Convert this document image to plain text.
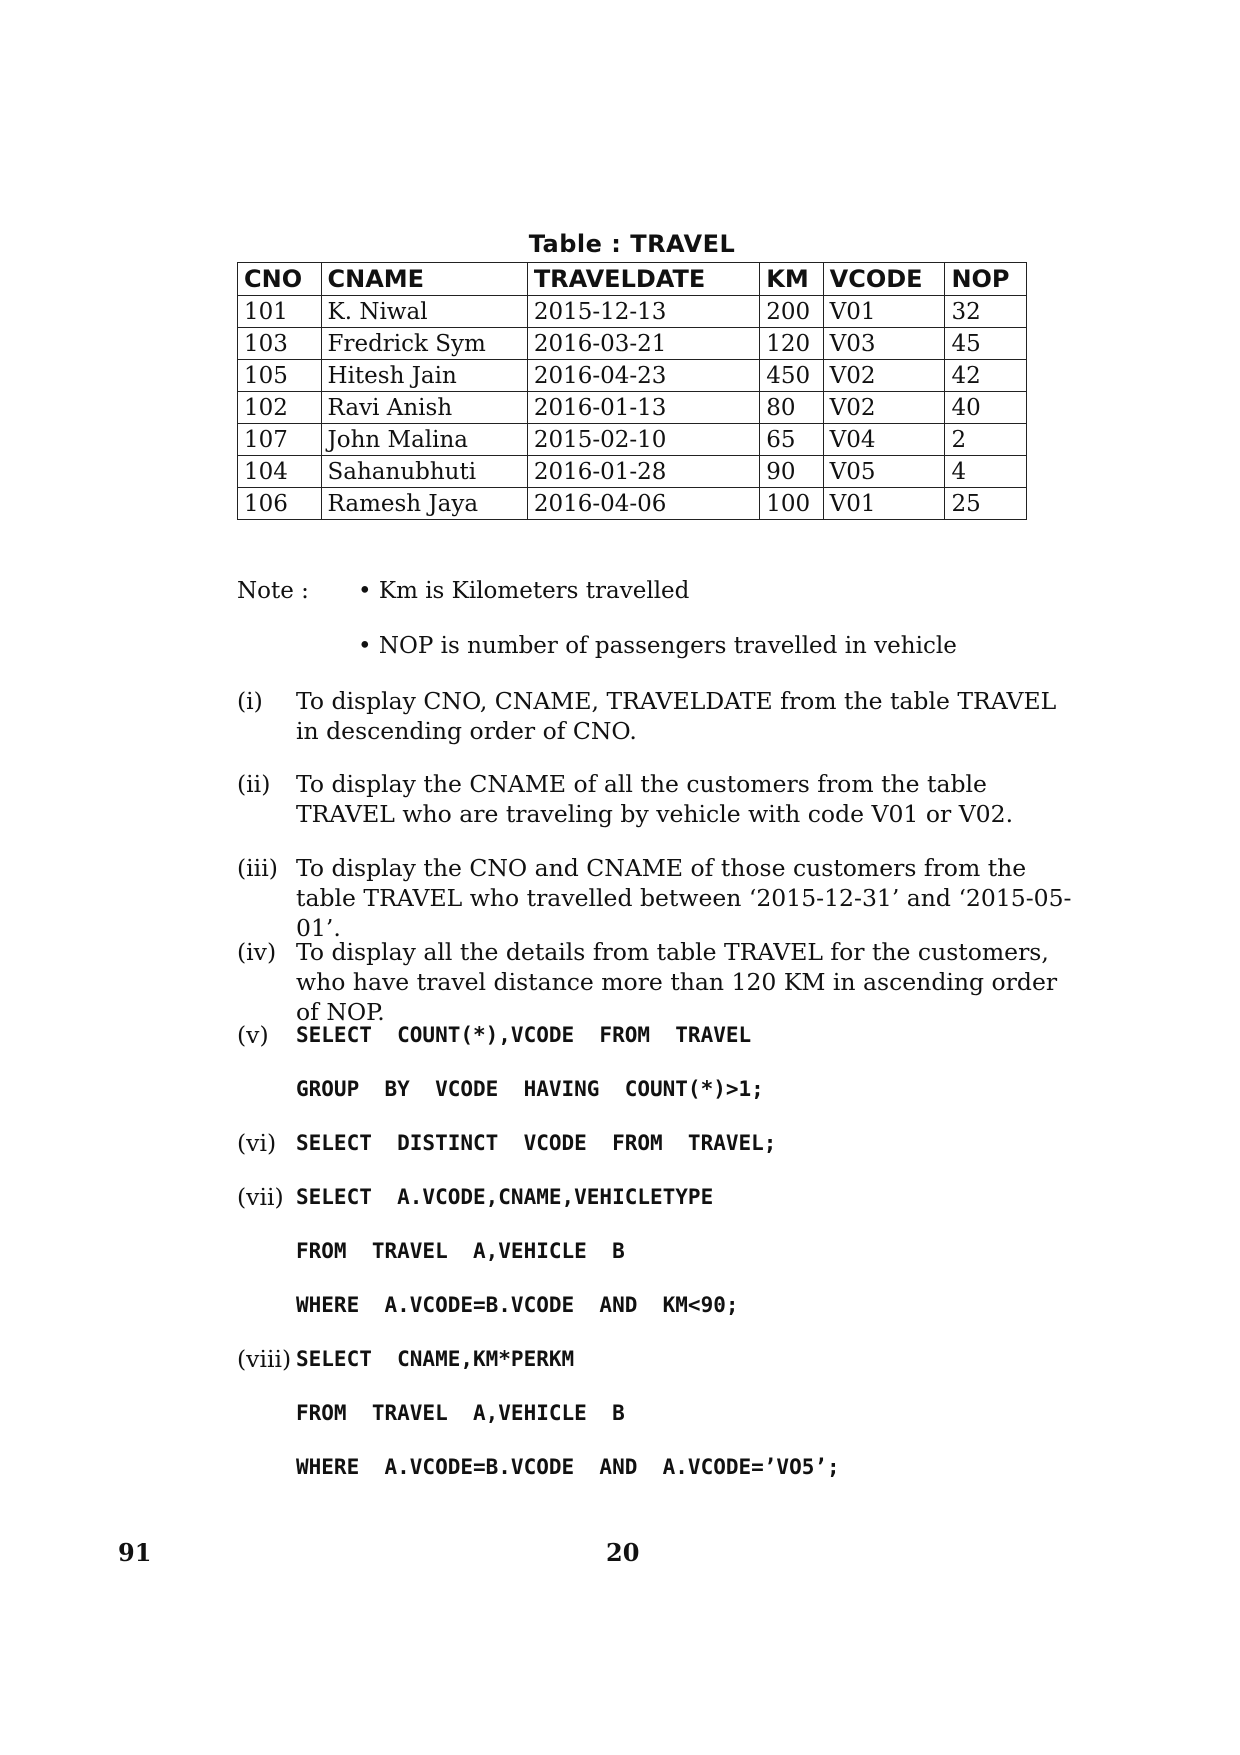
Table : TRAVEL
CNO	CNAME	TRAVELDATE	KM	VCODE	NOP
101	K. Niwal	2015-12-13	200	V01	32
103	Fredrick Sym	2016-03-21	120	V03	45
105	Hitesh Jain	2016-04-23	450	V02	42
102	Ravi Anish	2016-01-13	80	V02	40
107	John Malina	2015-02-10	65	V04	2
104	Sahanubhuti	2016-01-28	90	V05	4
106	Ramesh Jaya	2016-04-06	100	V01	25
Note : • Km is Kilometers travelled
• NOP is number of passengers travelled in vehicle
(i) To display CNO, CNAME, TRAVELDATE from the table TRAVEL in descending order of CNO.
(ii) To display the CNAME of all the customers from the table TRAVEL who are traveling by vehicle with code V01 or V02.
(iii) To display the CNO and CNAME of those customers from the table TRAVEL who travelled between ‘2015-12-31’ and ‘2015-05-01’.
(iv) To display all the details from table TRAVEL for the customers, who have travel distance more than 120 KM in ascending order of NOP.
(v) SELECT  COUNT(*),VCODE  FROM  TRAVEL
GROUP  BY  VCODE  HAVING  COUNT(*)>1;
(vi) SELECT  DISTINCT  VCODE  FROM  TRAVEL;
(vii) SELECT  A.VCODE,CNAME,VEHICLETYPE
FROM  TRAVEL  A,VEHICLE  B
WHERE  A.VCODE=B.VCODE  AND  KM<90;
(viii) SELECT  CNAME,KM*PERKM
FROM  TRAVEL  A,VEHICLE  B
WHERE  A.VCODE=B.VCODE  AND  A.VCODE=’VO5’;
91	20
